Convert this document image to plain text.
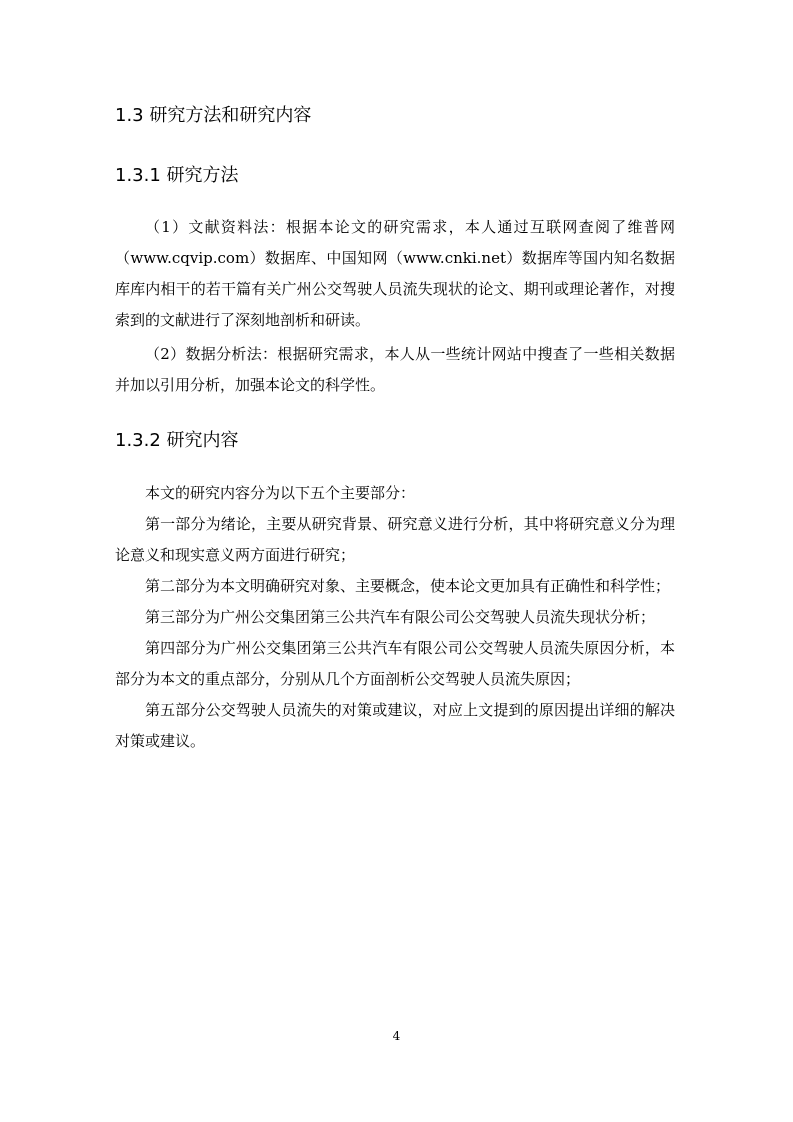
1.3 研究方法和研究内容
1.3.1 研究方法

（1）文献资料法：根据本论文的研究需求，本人通过互联网查阅了维普网（www.cqvip.com）数据库、中国知网（www.cnki.net）数据库等国内知名数据库库内相干的若干篇有关广州公交驾驶人员流失现状的论文、期刊或理论著作，对搜索到的文献进行了深刻地剖析和研读。

（2）数据分析法：根据研究需求，本人从一些统计网站中搜查了一些相关数据并加以引用分析，加强本论文的科学性。

1.3.2 研究内容

本文的研究内容分为以下五个主要部分：

第一部分为绪论，主要从研究背景、研究意义进行分析，其中将研究意义分为理论意义和现实意义两方面进行研究；

第二部分为本文明确研究对象、主要概念，使本论文更加具有正确性和科学性；

第三部分为广州公交集团第三公共汽车有限公司公交驾驶人员流失现状分析；

第四部分为广州公交集团第三公共汽车有限公司公交驾驶人员流失原因分析，本部分为本文的重点部分，分别从几个方面剖析公交驾驶人员流失原因；

第五部分公交驾驶人员流失的对策或建议，对应上文提到的原因提出详细的解决对策或建议。

4
